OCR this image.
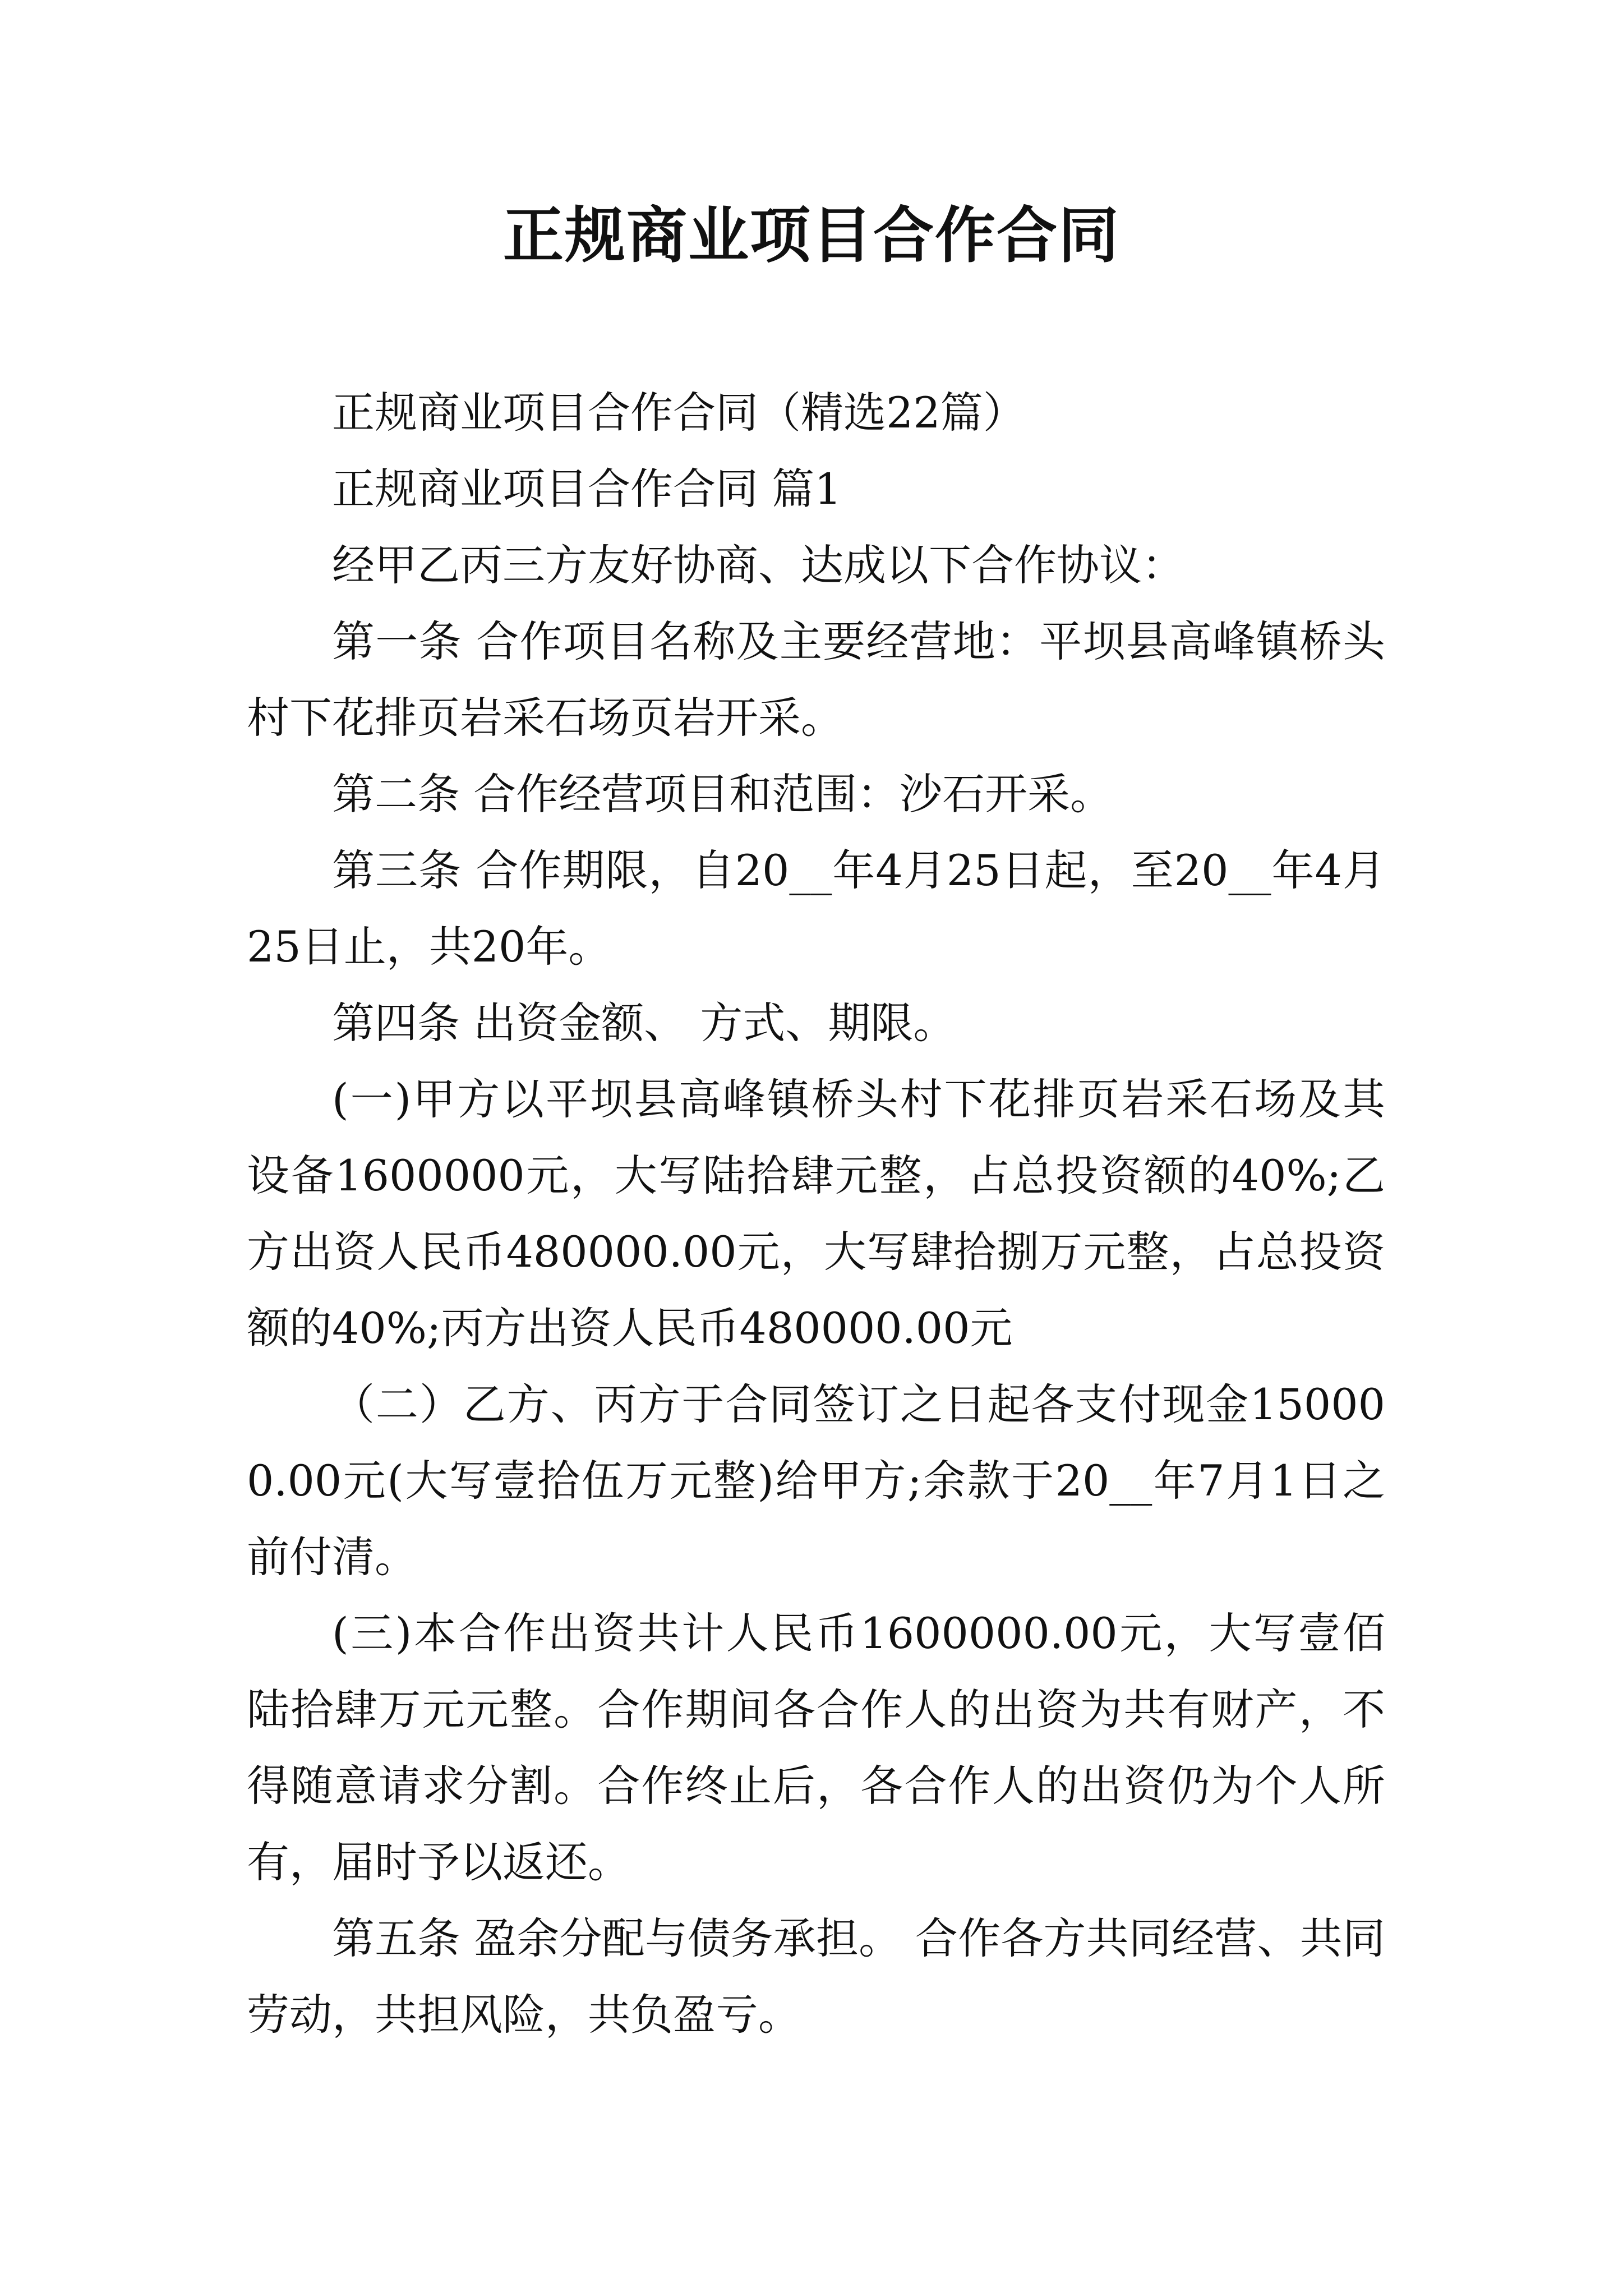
正规商业项目合作合同

正规商业项目合作合同（精选22篇）

正规商业项目合作合同 篇1

经甲乙丙三方友好协商、达成以下合作协议：

第一条 合作项目名称及主要经营地：平坝县高峰镇桥头村下花排页岩采石场页岩开采。

第二条 合作经营项目和范围：沙石开采。

第三条 合作期限，自20__年4月25日起，至20__年4月25日止，共20年。

第四条 出资金额、 方式、期限。

(一)甲方以平坝县高峰镇桥头村下花排页岩采石场及其设备1600000元，大写陆拾肆元整，占总投资额的40%;乙方出资人民币480000.00元，大写肆拾捌万元整，占总投资额的40%;丙方出资人民币480000.00元

（二）乙方、丙方于合同签订之日起各支付现金150000.00元(大写壹拾伍万元整)给甲方;余款于20__年7月1日之前付清。

(三)本合作出资共计人民币1600000.00元，大写壹佰陆拾肆万元元整。合作期间各合作人的出资为共有财产，不得随意请求分割。合作终止后，各合作人的出资仍为个人所有，届时予以返还。

第五条 盈余分配与债务承担。 合作各方共同经营、共同劳动，共担风险，共负盈亏。
